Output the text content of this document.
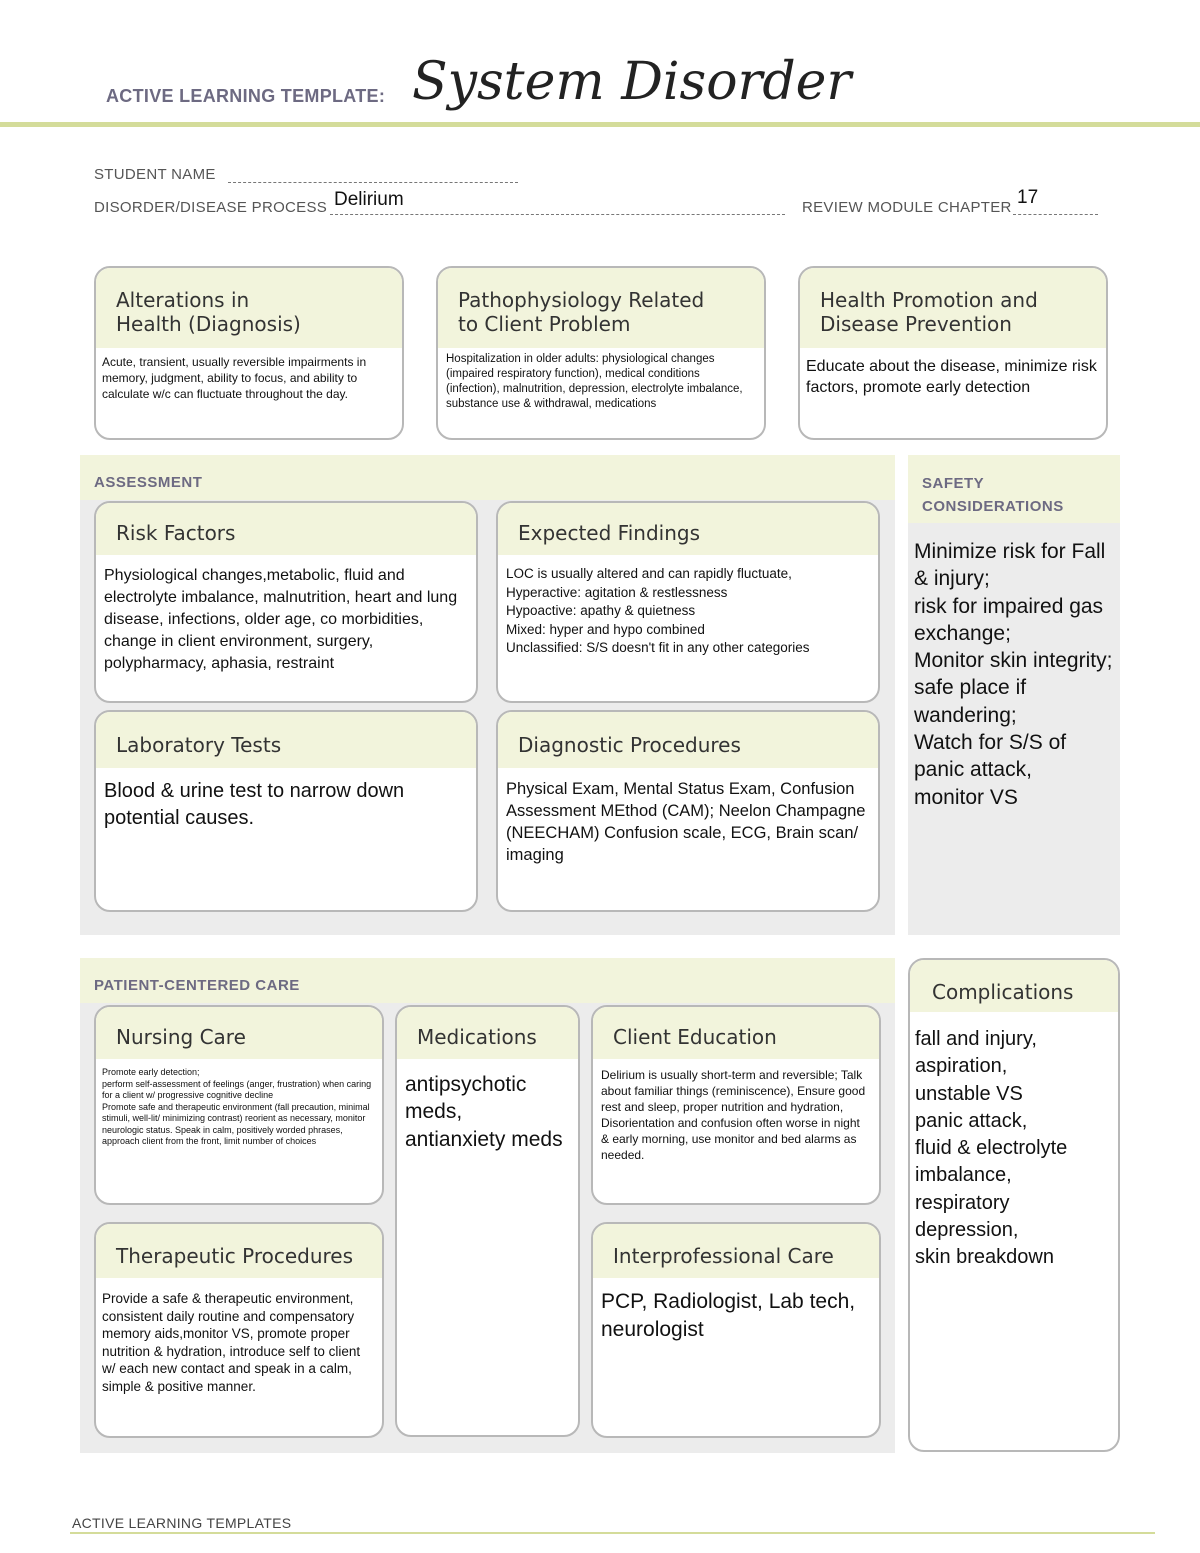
ACTIVE LEARNING TEMPLATE: System Disorder
STUDENT NAME
DISORDER/DISEASE PROCESS Delirium	REVIEW MODULE CHAPTER 17
Alterations in
Health (Diagnosis)
Acute, transient, usually reversible impairments in memory, judgment, ability to focus, and ability to calculate w/c can fluctuate throughout the day.
Pathophysiology Related
to Client Problem
Hospitalization in older adults: physiological changes (impaired respiratory function), medical conditions (infection), malnutrition, depression, electrolyte imbalance, substance use & withdrawal, medications
Health Promotion and
Disease Prevention
Educate about the disease, minimize risk factors, promote early detection
ASSESSMENT
Risk Factors
Physiological changes,metabolic, fluid and electrolyte imbalance, malnutrition, heart and lung disease, infections, older age, co morbidities, change in client environment, surgery, polypharmacy, aphasia, restraint
Expected Findings
LOC is usually altered and can rapidly fluctuate,
Hyperactive: agitation & restlessness
Hypoactive: apathy & quietness
Mixed: hyper and hypo combined
Unclassified: S/S doesn't fit in any other categories
Laboratory Tests
Blood & urine test to narrow down potential causes.
Diagnostic Procedures
Physical Exam, Mental Status Exam, Confusion Assessment MEthod (CAM); Neelon Champagne (NEECHAM) Confusion scale, ECG, Brain scan/ imaging
SAFETY
CONSIDERATIONS
Minimize risk for Fall & injury;
risk for impaired gas exchange;
Monitor skin integrity;
safe place if wandering;
Watch for S/S of panic attack,
monitor VS
PATIENT-CENTERED CARE
Nursing Care
Promote early detection;
perform self-assessment of feelings (anger, frustration) when caring for a client w/ progressive cognitive decline
Promote safe and therapeutic environment (fall precaution, minimal stimuli, well-lit/ minimizing contrast) reorient as necessary, monitor neurologic status. Speak in calm, positively worded phrases, approach client from the front, limit number of choices
Medications
antipsychotic meds,
antianxiety meds
Client Education
Delirium is usually short-term and reversible; Talk about familiar things (reminiscence), Ensure good rest and sleep, proper nutrition and hydration, Disorientation and confusion often worse in night & early morning, use monitor and bed alarms as needed.
Therapeutic Procedures
Provide a safe & therapeutic environment, consistent daily routine and compensatory memory aids,monitor VS, promote proper nutrition & hydration, introduce self to client w/ each new contact and speak in a calm, simple & positive manner.
Interprofessional Care
PCP, Radiologist, Lab tech, neurologist
Complications
fall and injury,
aspiration,
unstable VS
panic attack,
fluid & electrolyte imbalance,
respiratory depression,
skin breakdown
ACTIVE LEARNING TEMPLATES
